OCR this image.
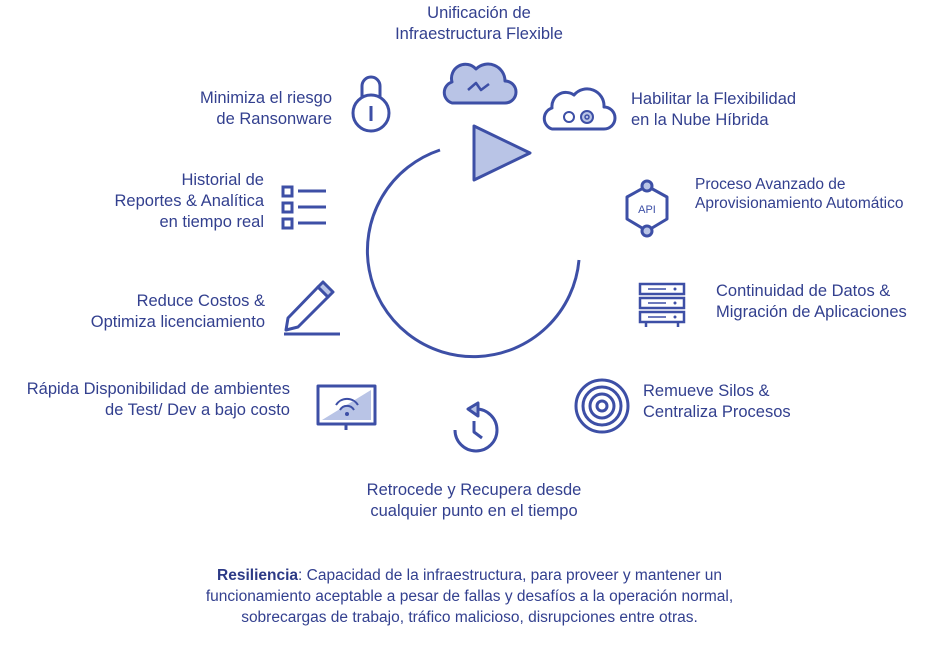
API
Unificación de
Infraestructura Flexible
Habilitar la Flexibilidad
en la Nube Híbrida
Proceso Avanzado de
Aprovisionamiento Automático
Continuidad de Datos &
Migración de Aplicaciones
Remueve Silos &
Centraliza Procesos
Retrocede y Recupera desde
cualquier punto en el tiempo
Rápida Disponibilidad de ambientes
de Test/ Dev a bajo costo
Reduce Costos &
Optimiza licenciamiento
Historial de
Reportes & Analítica
en tiempo real
Minimiza el riesgo
de Ransonware
Resiliencia: Capacidad de la infraestructura, para proveer y mantener un
funcionamiento aceptable a pesar de fallas y desafíos a la operación normal,
sobrecargas de trabajo, tráfico malicioso, disrupciones entre otras.
